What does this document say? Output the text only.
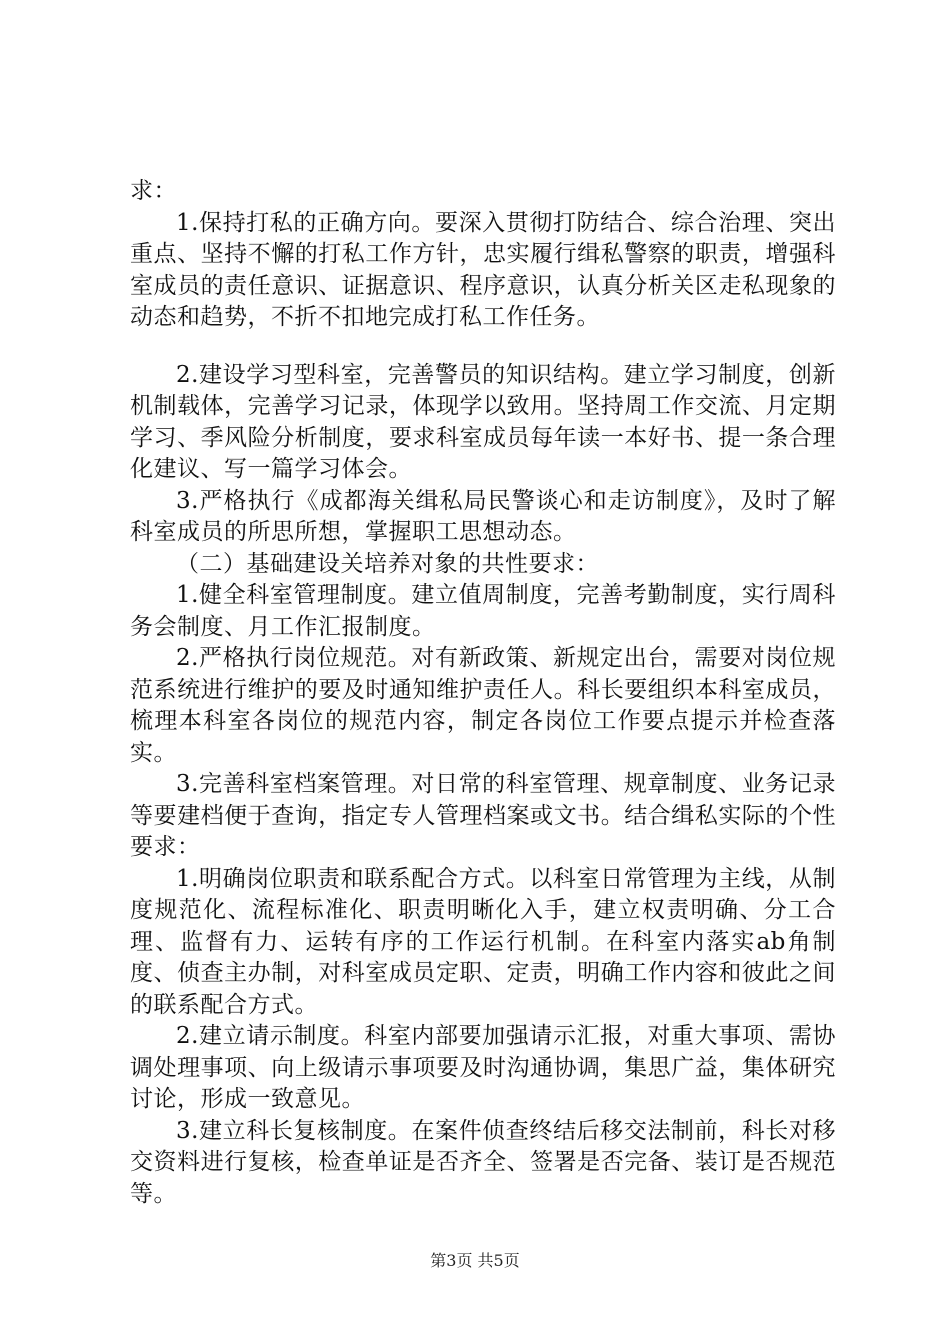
求：

1.保持打私的正确方向。要深入贯彻打防结合、综合治理、突出重点、坚持不懈的打私工作方针，忠实履行缉私警察的职责，增强科室成员的责任意识、证据意识、程序意识，认真分析关区走私现象的动态和趋势，不折不扣地完成打私工作任务。

2.建设学习型科室，完善警员的知识结构。建立学习制度，创新机制载体，完善学习记录，体现学以致用。坚持周工作交流、月定期学习、季风险分析制度，要求科室成员每年读一本好书、提一条合理化建议、写一篇学习体会。

3.严格执行《成都海关缉私局民警谈心和走访制度》，及时了解科室成员的所思所想，掌握职工思想动态。

（二）基础建设关培养对象的共性要求：

1.健全科室管理制度。建立值周制度，完善考勤制度，实行周科务会制度、月工作汇报制度。

2.严格执行岗位规范。对有新政策、新规定出台，需要对岗位规范系统进行维护的要及时通知维护责任人。科长要组织本科室成员，梳理本科室各岗位的规范内容，制定各岗位工作要点提示并检查落实。

3.完善科室档案管理。对日常的科室管理、规章制度、业务记录等要建档便于查询，指定专人管理档案或文书。结合缉私实际的个性要求：

1.明确岗位职责和联系配合方式。以科室日常管理为主线，从制度规范化、流程标准化、职责明晰化入手，建立权责明确、分工合理、监督有力、运转有序的工作运行机制。在科室内落实ab角制度、侦查主办制，对科室成员定职、定责，明确工作内容和彼此之间的联系配合方式。

2.建立请示制度。科室内部要加强请示汇报，对重大事项、需协调处理事项、向上级请示事项要及时沟通协调，集思广益，集体研究讨论，形成一致意见。

3.建立科长复核制度。在案件侦查终结后移交法制前，科长对移交资料进行复核，检查单证是否齐全、签署是否完备、装订是否规范等。

第3页 共5页
